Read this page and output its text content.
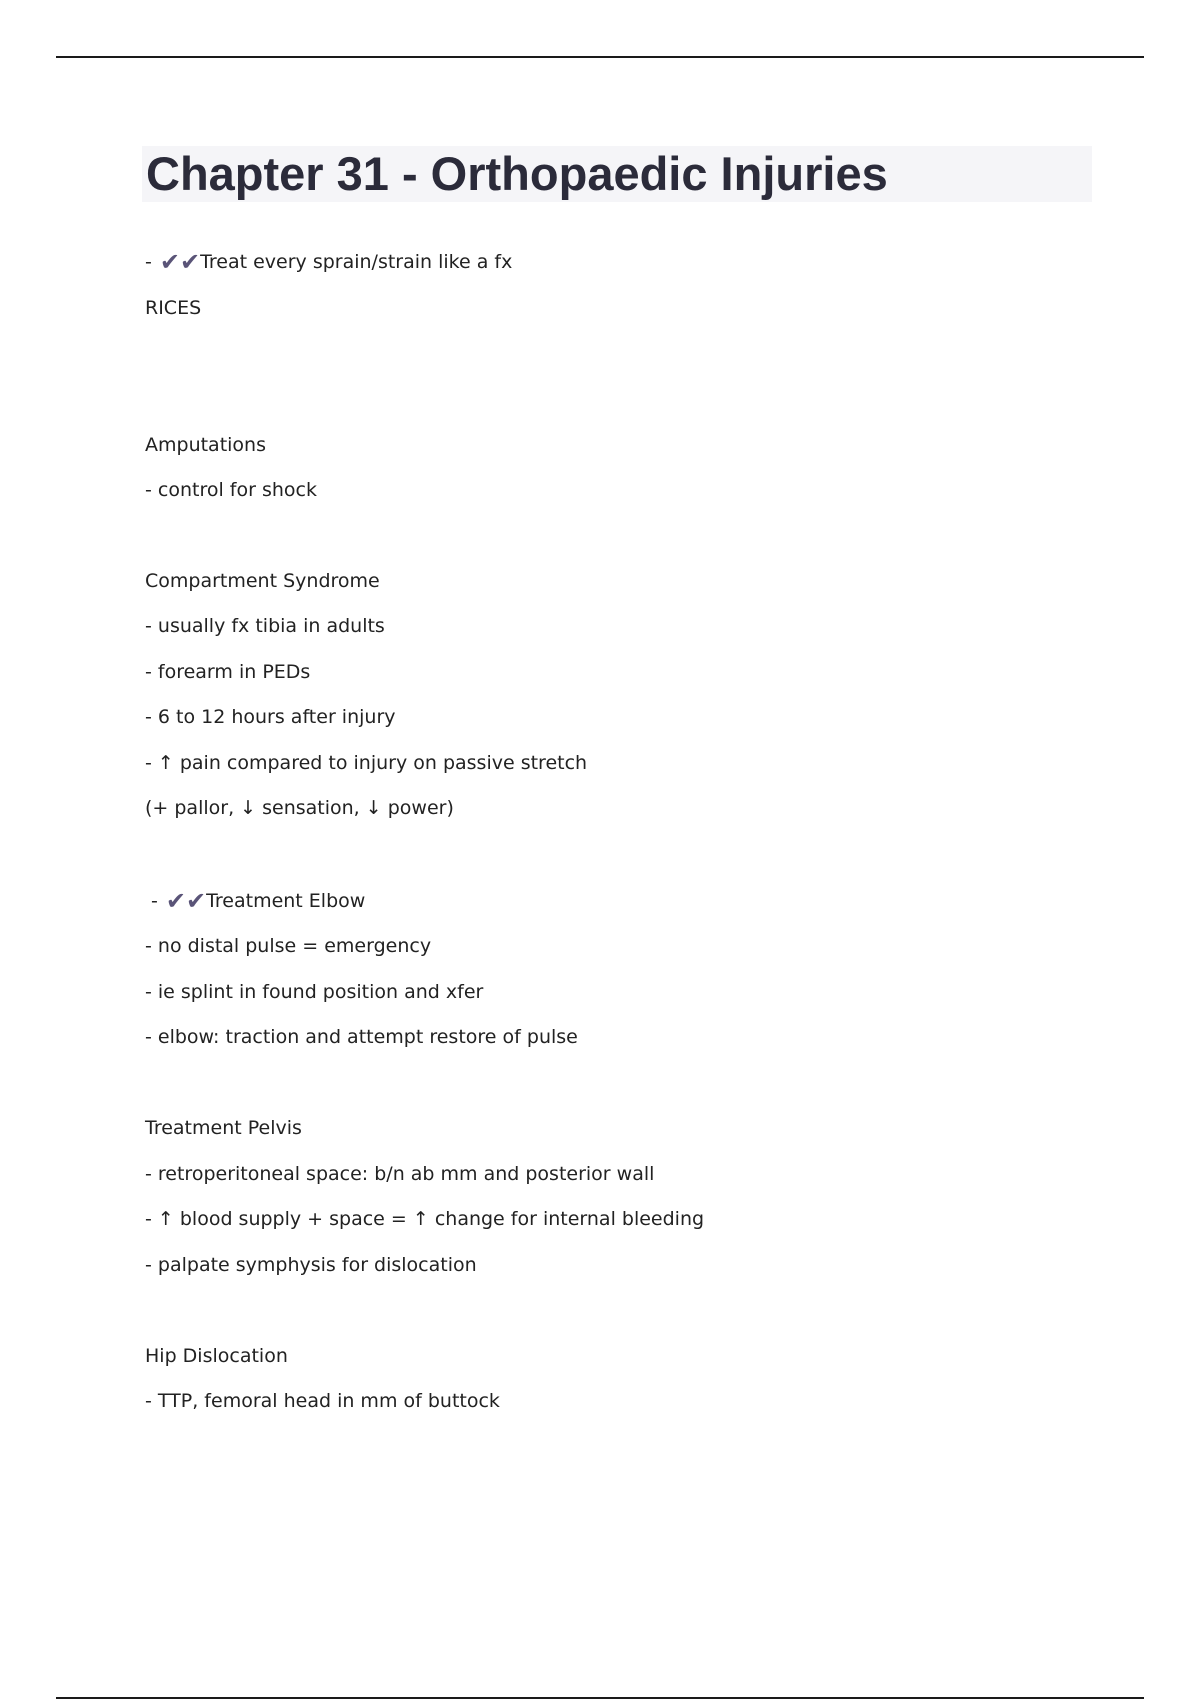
Chapter 31 - Orthopaedic Injuries

- ✔✔Treat every sprain/strain like a fx

RICES

Amputations

- control for shock

Compartment Syndrome

- usually fx tibia in adults

- forearm in PEDs

- 6 to 12 hours after injury

- ↑ pain compared to injury on passive stretch

(+ pallor, ↓ sensation, ↓ power)

- ✔✔Treatment Elbow

- no distal pulse = emergency

- ie splint in found position and xfer

- elbow: traction and attempt restore of pulse

Treatment Pelvis

- retroperitoneal space: b/n ab mm and posterior wall

- ↑ blood supply + space = ↑ change for internal bleeding

- palpate symphysis for dislocation

Hip Dislocation

- TTP, femoral head in mm of buttock
